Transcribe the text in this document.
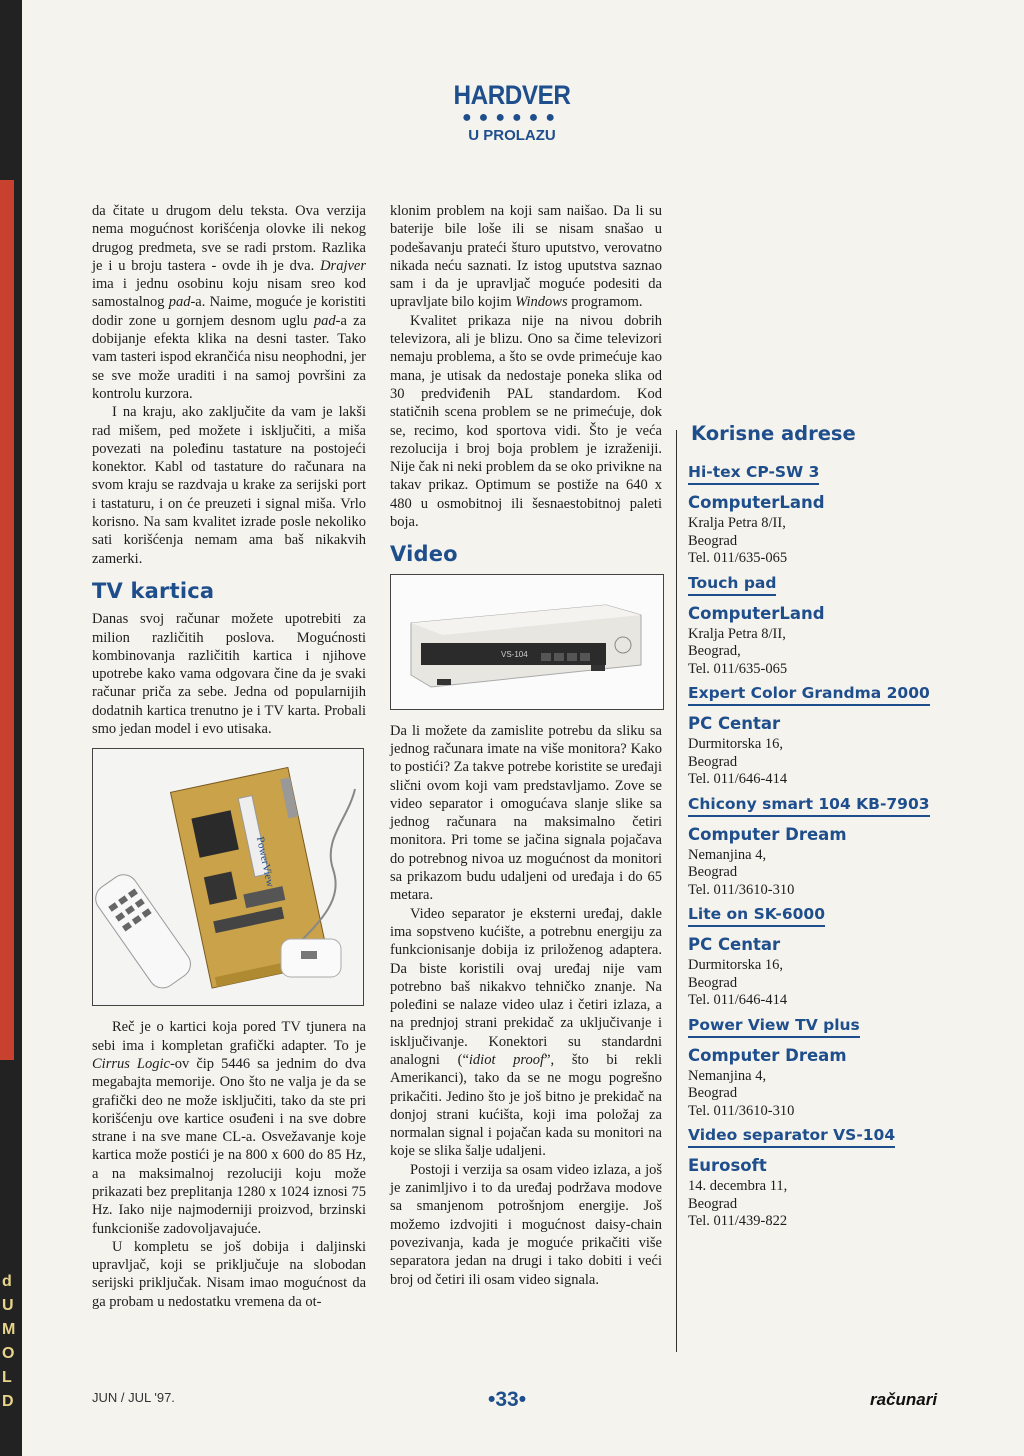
d
U
M
O
L
D
HARDVER
●●●●●●
U PROLAZU

da čitate u drugom delu teksta. Ova verzija nema mogućnost korišćenja olovke ili nekog drugog predmeta, sve se radi prstom. Razlika je i u broju tastera - ovde ih je dva. Drajver ima i jednu osobinu koju nisam sreo kod samostalnog pad-a. Naime, moguće je koristiti dodir zone u gornjem desnom uglu pad-a za dobijanje efekta klika na desni taster. Tako vam tasteri ispod ekrančića nisu neophodni, jer se sve može uraditi i na samoj površini za kontrolu kurzora.

I na kraju, ako zaključite da vam je lakši rad mišem, ped možete i isključiti, a miša povezati na poleđinu tastature na postojeći konektor. Kabl od tastature do računara na svom kraju se razdvaja u krake za serijski port i tastaturu, i on će preuzeti i signal miša. Vrlo korisno. Na sam kvalitet izrade posle nekoliko sati korišćenja nemam ama baš nikakvih zamerki.

TV kartica

Danas svoj računar možete upotrebiti za milion različitih poslova. Mogućnosti kombinovanja različitih kartica i njihove upotrebe kako vama odgovara čine da je svaki računar priča za sebe. Jedna od popularnijih dodatnih kartica trenutno je i TV karta. Probali smo jedan model i evo utisaka.

PowerView

Reč je o kartici koja pored TV tjunera na sebi ima i kompletan grafički adapter. To je Cirrus Logic-ov čip 5446 sa jednim do dva megabajta memorije. Ono što ne valja je da se grafički deo ne može isključiti, tako da ste pri korišćenju ove kartice osuđeni i na sve dobre strane i na sve mane CL-a. Osvežavanje koje kartica može postići je na 800 x 600 do 85 Hz, a na maksimalnoj rezoluciji koju može prikazati bez preplitanja 1280 x 1024 iznosi 75 Hz. Iako nije najmoderniji proizvod, brzinski funkcioniše zadovoljavajuće.

U kompletu se još dobija i daljinski upravljač, koji se priključuje na slobodan serijski priključak. Nisam imao mogućnost da ga probam u nedostatku vremena da ot-

klonim problem na koji sam naišao. Da li su baterije bile loše ili se nisam snašao u podešavanju prateći šturo uputstvo, verovatno nikada neću saznati. Iz istog uputstva saznao sam i da je upravljač moguće podesiti da upravljate bilo kojim Windows programom.

Kvalitet prikaza nije na nivou dobrih televizora, ali je blizu. Ono sa čime televizori nemaju problema, a što se ovde primećuje kao mana, je utisak da nedostaje poneka slika od 30 predviđenih PAL standardom. Kod statičnih scena problem se ne primećuje, dok se, recimo, kod sportova vidi. Što je veća rezolucija i broj boja problem je izraženiji. Nije čak ni neki problem da se oko privikne na takav prikaz. Optimum se postiže na 640 x 480 u osmobitnoj ili šesnaestobitnoj paleti boja.

Video
VS-104

Da li možete da zamislite potrebu da sliku sa jednog računara imate na više monitora? Kako to postići? Za takve potrebe koristite se uređaji slični ovom koji vam predstavljamo. Zove se video separator i omogućava slanje slike sa jednog računara na maksimalno četiri monitora. Pri tome se jačina signala pojačava do potrebnog nivoa uz mogućnost da monitori sa prikazom budu udaljeni od uređaja i do 65 metara.

Video separator je eksterni uređaj, dakle ima sopstveno kućište, a potrebnu energiju za funkcionisanje dobija iz priloženog adaptera. Da biste koristili ovaj uređaj nije vam potrebno baš nikakvo tehničko znanje. Na poleđini se nalaze video ulaz i četiri izlaza, a na prednjoj strani prekidač za uključivanje i isključivanje. Konektori su standardni analogni (“idiot proof”, što bi rekli Amerikanci), tako da se ne mogu pogrešno prikačiti. Jedino što je još bitno je prekidač na donjoj strani kućišta, koji ima položaj za normalan signal i pojačan kada su monitori na koje se slika šalje udaljeni.

Postoji i verzija sa osam video izlaza, a još je zanimljivo i to da uređaj podržava modove sa smanjenom potrošnjom energije. Još možemo izdvojiti i mogućnost daisy-chain povezivanja, kada je moguće prikačiti više separatora jedan na drugi i tako dobiti i veći broj od četiri ili osam video signala.

Korisne adrese
Hi-tex CP-SW 3
ComputerLand
Kralja Petra 8/II,
Beograd
Tel. 011/635-065
Touch pad
ComputerLand
Kralja Petra 8/II,
Beograd,
Tel. 011/635-065
Expert Color Grandma 2000
PC Centar
Durmitorska 16,
Beograd
Tel. 011/646-414
Chicony smart 104 KB-7903
Computer Dream
Nemanjina 4,
Beograd
Tel. 011/3610-310
Lite on SK-6000
PC Centar
Durmitorska 16,
Beograd
Tel. 011/646-414
Power View TV plus
Computer Dream
Nemanjina 4,
Beograd
Tel. 011/3610-310
Video separator VS-104
Eurosoft
14. decembra 11,
Beograd
Tel. 011/439-822
JUN / JUL '97.	•33•	računari
